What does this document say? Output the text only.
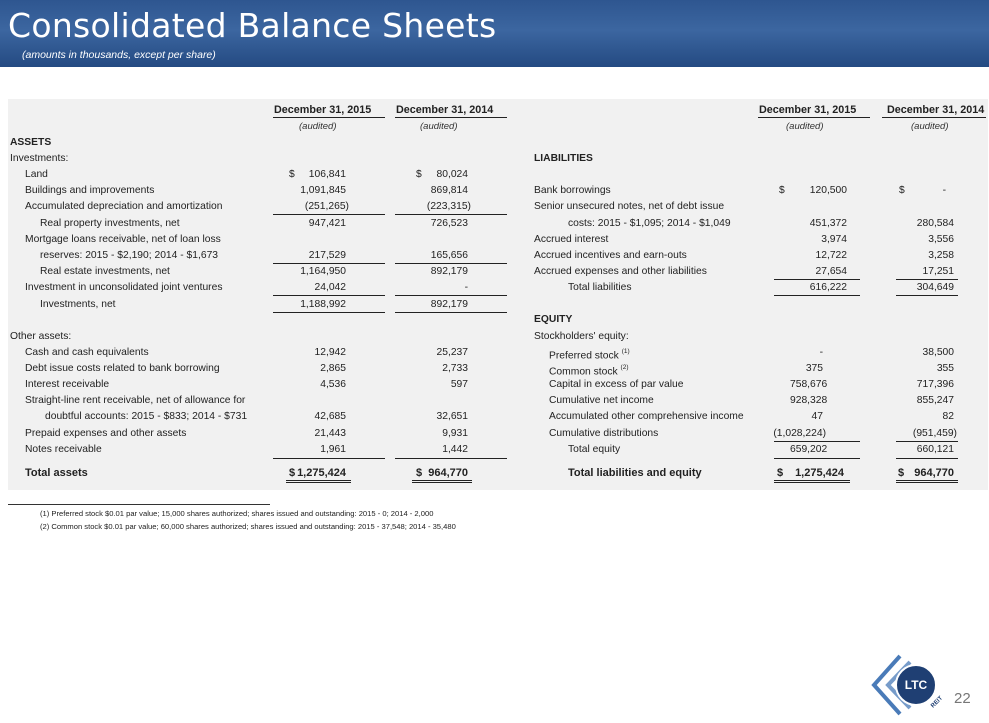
Consolidated Balance Sheets
(amounts in thousands, except per share)
December 31, 2015 December 31, 2014	December 31, 2015	December 31, 2014
(audited)	(audited)	(audited)	(audited)
ASSETS
Investments:
Land	$	106,841	$	80,024
Buildings and improvements	1,091,845	869,814
Accumulated depreciation and amortization	(251,265)	(223,315)
Real property investments, net	947,421	726,523
Mortgage loans receivable, net of loan loss
reserves: 2015 - $2,190; 2014 - $1,673	217,529	165,656
Real estate investments, net	1,164,950	892,179
Investment in unconsolidated joint ventures	24,042	-
Investments, net	1,188,992	892,179
Other assets:
Cash and cash equivalents	12,942	25,237
Debt issue costs related to bank borrowing	2,865	2,733
Interest receivable	4,536	597
Straight-line rent receivable, net of allowance for
doubtful accounts: 2015 - $833; 2014 - $731	42,685	32,651
Prepaid expenses and other assets	21,443	9,931
Notes receivable	1,961	1,442
Total assets	$ 1,275,424	$ 964,770
LIABILITIES
Bank borrowings	$	120,500	$	-
Senior unsecured notes, net of debt issue
costs: 2015 - $1,095; 2014 - $1,049	451,372	280,584
Accrued interest	3,974	3,556
Accrued incentives and earn-outs	12,722	3,258
Accrued expenses and other liabilities	27,654	17,251
Total liabilities	616,222	304,649
EQUITY
Stockholders' equity:
Preferred stock $^{(1)}$	-	38,500
Common stock $^{(2)}$	375	355
Capital in excess of par value	758,676	717,396
Cumulative net income	928,328	855,247
Accumulated other comprehensive income	47	82
Cumulative distributions	(1,028,224)	(951,459)
Total equity	659,202	660,121
Total liabilities and equity	$	1,275,424	$ 964,770
(1) Preferred stock $0.01 par value; 15,000 shares authorized; shares issued and outstanding: 2015 - 0; 2014 - 2,000
(2) Common stock $0.01 par value; 60,000 shares authorized; shares issued and outstanding: 2015 - 37,548; 2014 - 35,480
LTC
REIT 22
